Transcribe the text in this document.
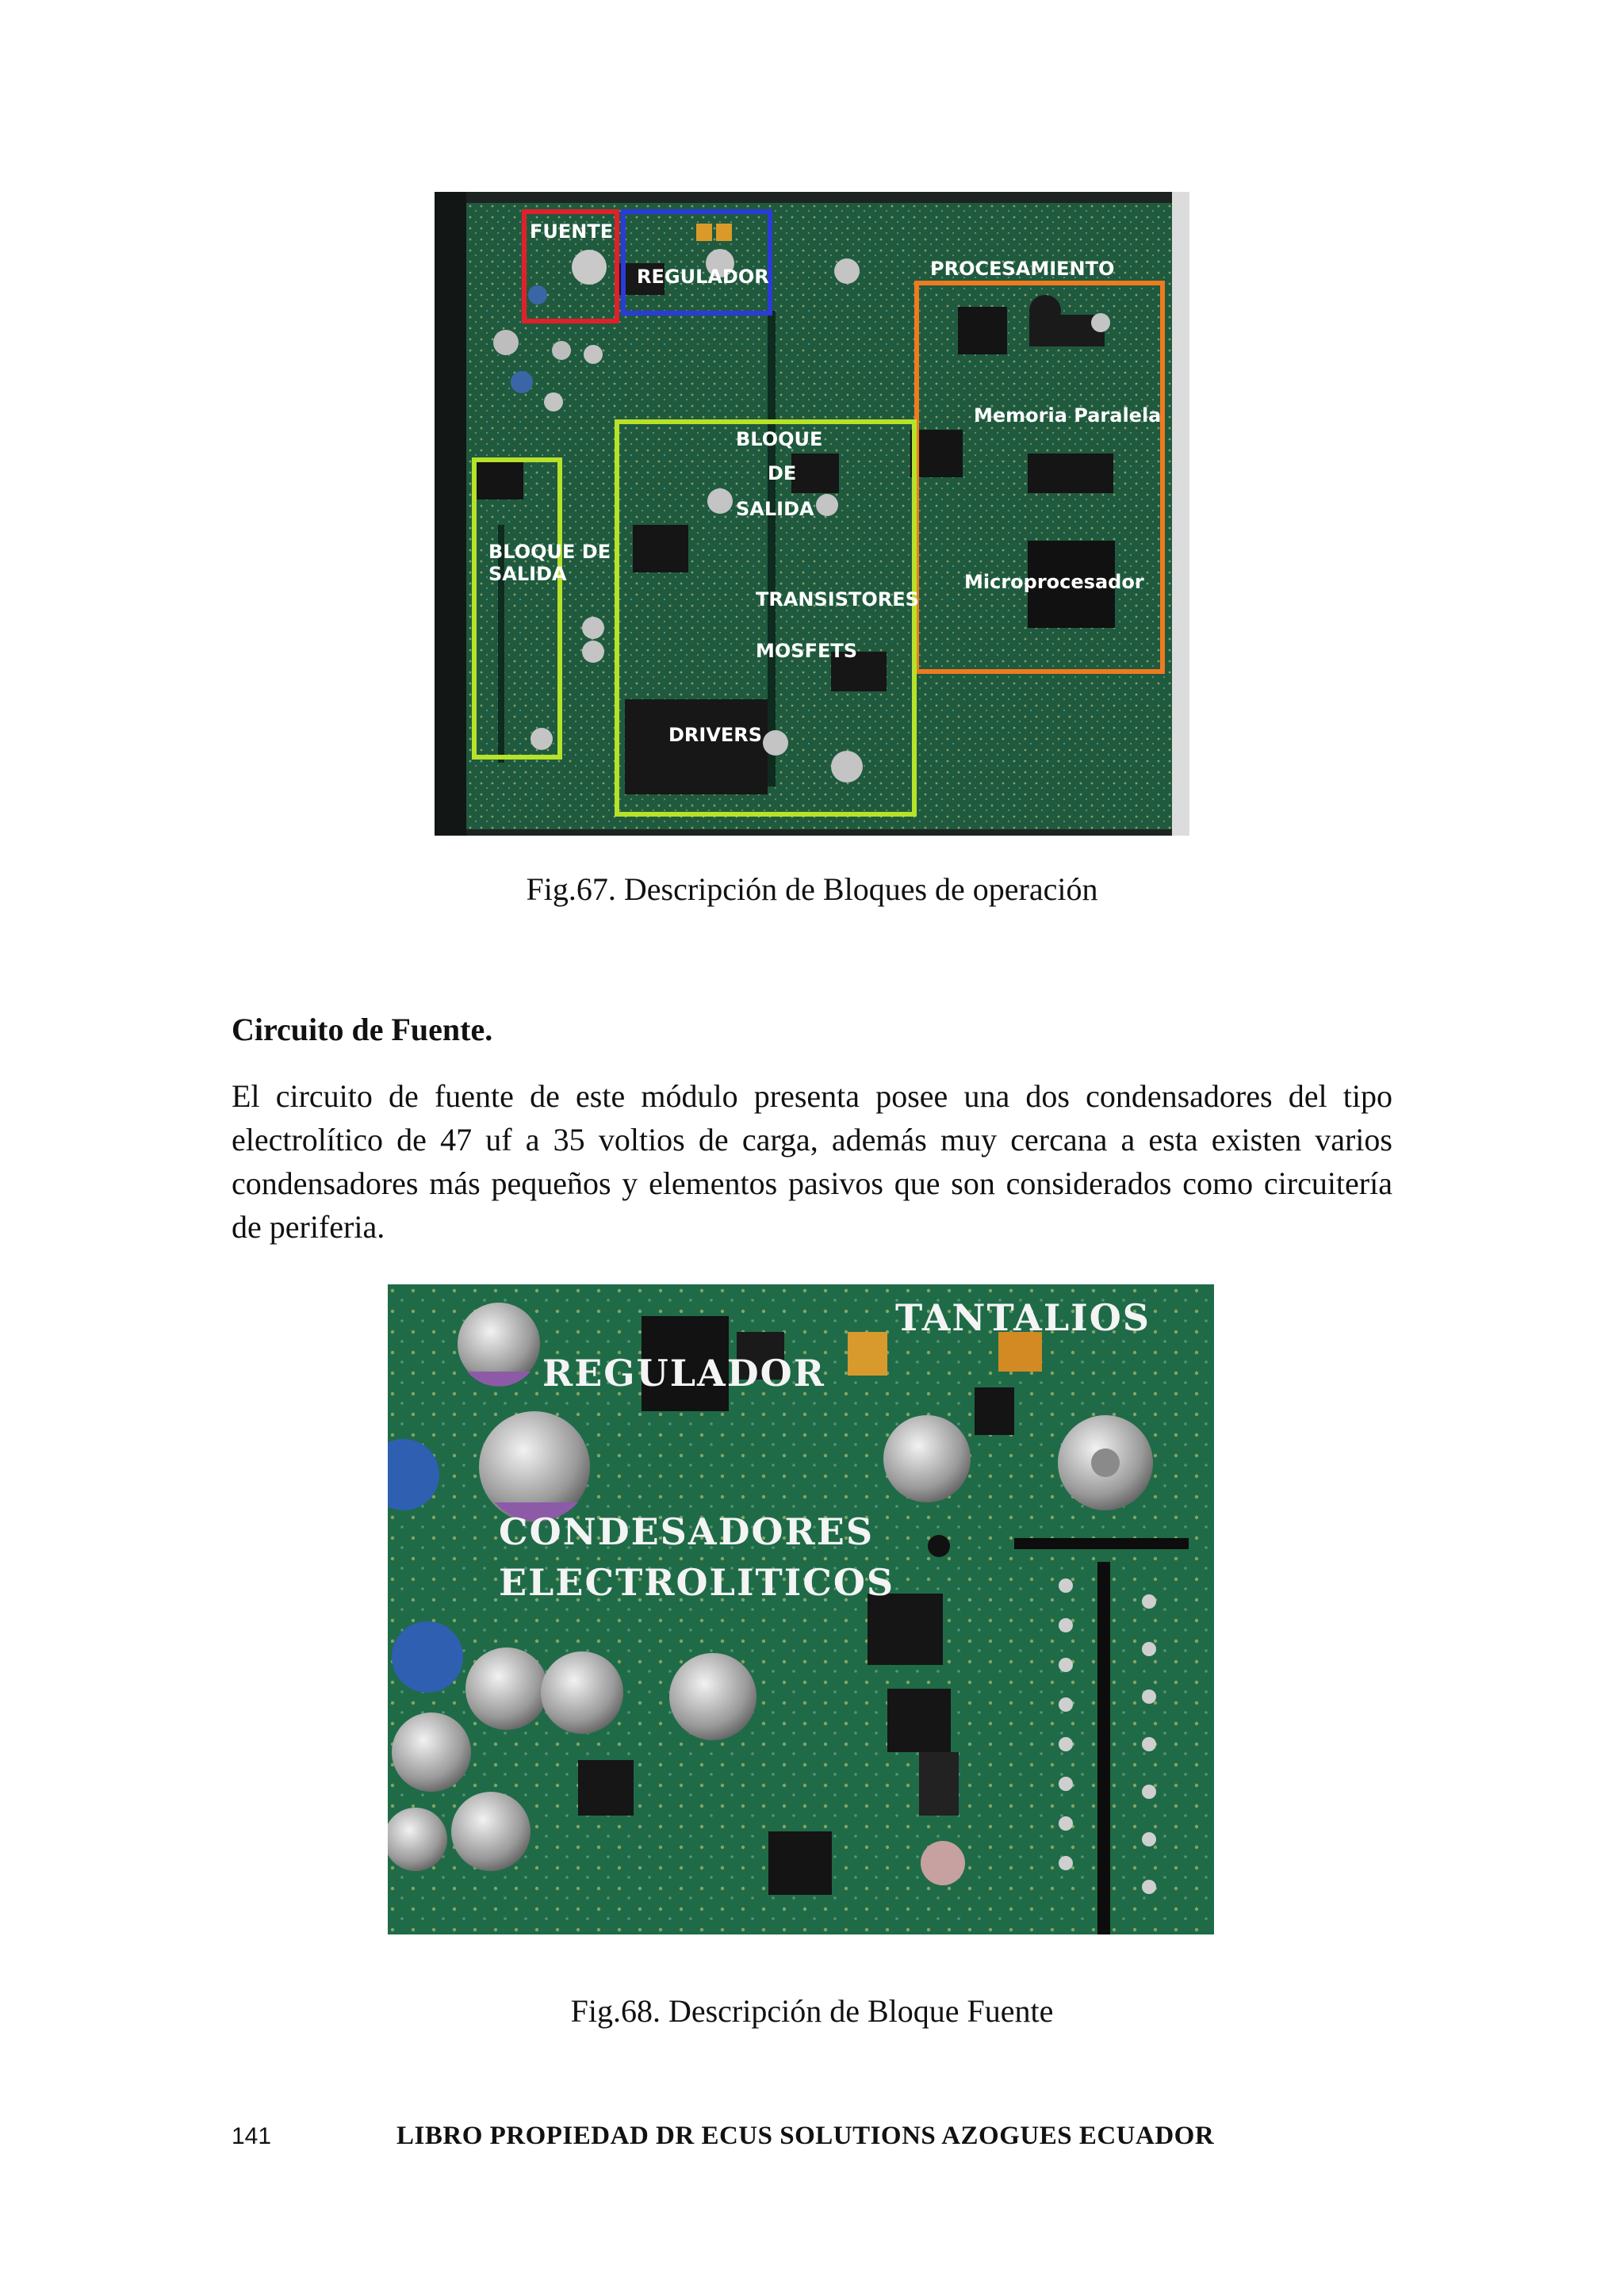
FUENTE
REGULADOR	PROCESAMIENTO
Memoria Paralela
BLOQUE
DE
SALIDA
BLOQUE DE
SALIDA	Microprocesador
TRANSISTORES
MOSFETS
DRIVERS
Fig.67. Descripción de Bloques de operación
Circuito de Fuente.

El circuito de fuente de este módulo presenta posee una dos condensadores del tipo electrolítico de 47 uf a 35 voltios de carga, además muy cercana a esta existen varios condensadores más pequeños y elementos pasivos que son considerados como circuitería de periferia.

TANTALIOS
REGULADOR
CONDESADORES
ELECTROLITICOS
Fig.68. Descripción de Bloque Fuente
141	LIBRO PROPIEDAD DR ECUS SOLUTIONS AZOGUES ECUADOR
